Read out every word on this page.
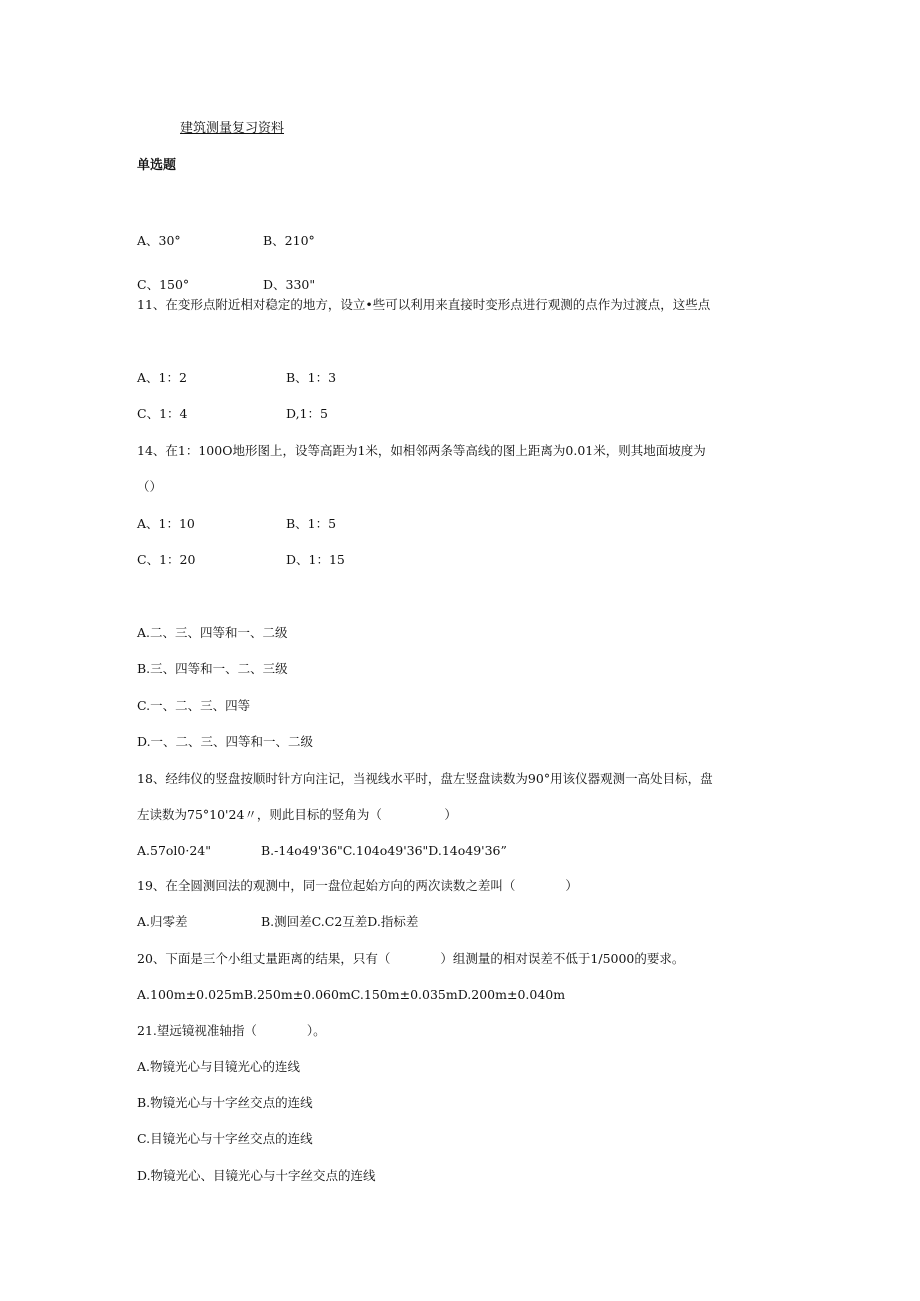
建筑测量复习资料
单选题
A、30°	B、210°
C、150°	D、330"
11、在变形点附近相对稳定的地方，设立•些可以利用来直接时变形点进行观测的点作为过渡点，这些点
A、1：2	B、1：3
C、1：4	D,1：5
14、在1：100O地形图上，设等高距为1米，如相邻两条等高线的图上距离为0.01米，则其地面坡度为
（）
A、1：10	B、1：5
C、1：20	D、1：15
A.二、三、四等和一、二级
B.三、四等和一、二、三级
C.一、二、三、四等
D.一、二、三、四等和一、二级
18、经纬仪的竖盘按顺时针方向注记，当视线水平时，盘左竖盘读数为90°用该仪器观测一高处目标，盘
左读数为75°10'24〃，则此目标的竖角为（　　　　　）
A.57ol0·24"	B.-14o49'36"C.104o49'36"D.14o49'36”
19、在全圆测回法的观测中，同一盘位起始方向的两次读数之差叫（　　　　）
A.归零差	B.测回差C.C2互差D.指标差
20、下面是三个小组丈量距离的结果，只有（　　　　）组测量的相对误差不低于1/5000的要求。
A.100m±0.025mB.250m±0.060mC.150m±0.035mD.200m±0.040m
21.望远镜视准轴指（　　　　）。
A.物镜光心与目镜光心的连线
B.物镜光心与十字丝交点的连线
C.目镜光心与十字丝交点的连线
D.物镜光心、目镜光心与十字丝交点的连线
